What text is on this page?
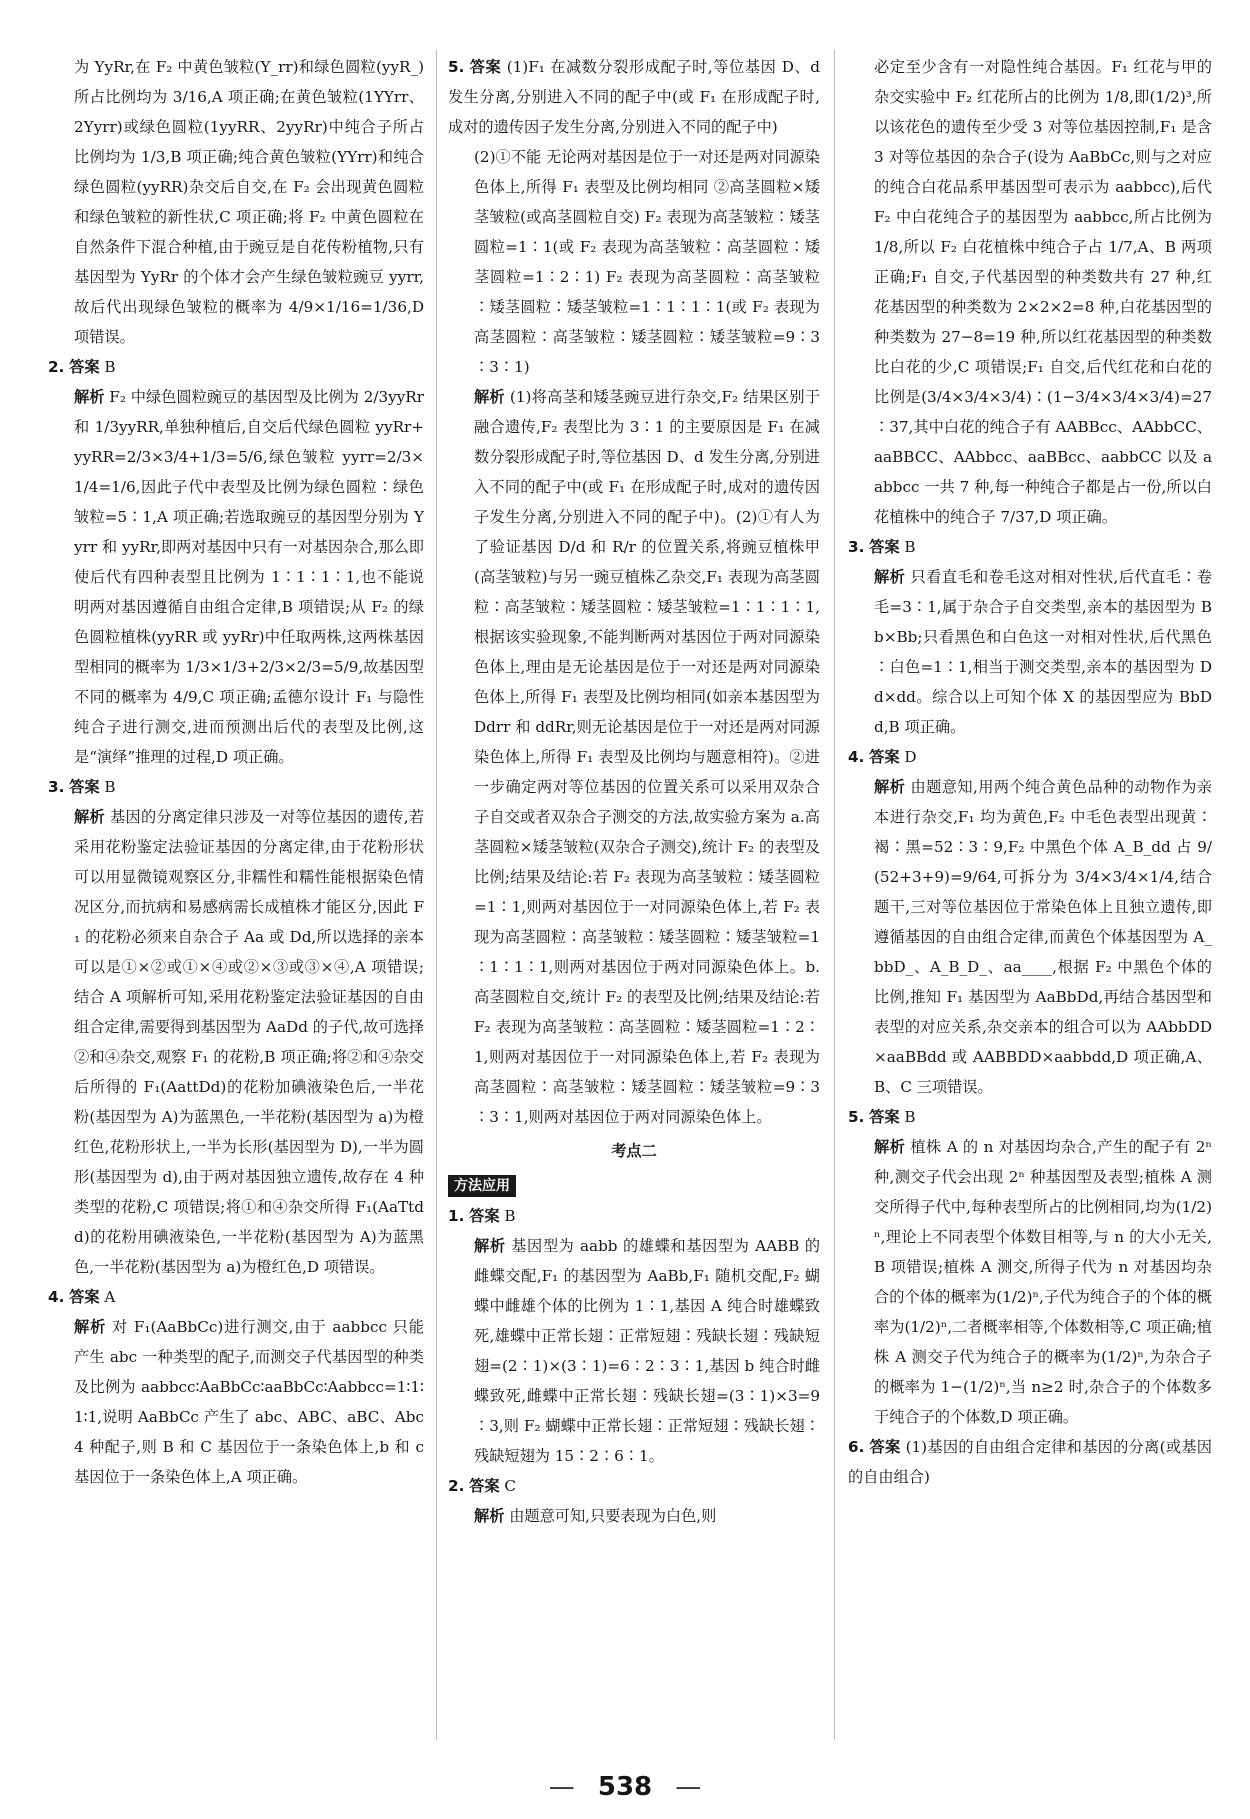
为 YyRr,在 F₂ 中黄色皱粒(Y_rr)和绿色圆粒(yyR_)所占比例均为 3/16,A 项正确;在黄色皱粒(1YYrr、2Yyrr)或绿色圆粒(1yyRR、2yyRr)中纯合子所占比例均为 1/3,B 项正确;纯合黄色皱粒(YYrr)和纯合绿色圆粒(yyRR)杂交后自交,在 F₂ 会出现黄色圆粒和绿色皱粒的新性状,C 项正确;将 F₂ 中黄色圆粒在自然条件下混合种植,由于豌豆是自花传粉植物,只有基因型为 YyRr 的个体才会产生绿色皱粒豌豆 yyrr,故后代出现绿色皱粒的概率为 4/9×1/16=1/36,D 项错误。

2. 答案 B

解析 F₂ 中绿色圆粒豌豆的基因型及比例为 2/3yyRr 和 1/3yyRR,单独种植后,自交后代绿色圆粒 yyRr+yyRR=2/3×3/4+1/3=5/6,绿色皱粒 yyrr=2/3×1/4=1/6,因此子代中表型及比例为绿色圆粒∶绿色皱粒=5∶1,A 项正确;若选取豌豆的基因型分别为 Yyrr 和 yyRr,即两对基因中只有一对基因杂合,那么即使后代有四种表型且比例为 1∶1∶1∶1,也不能说明两对基因遵循自由组合定律,B 项错误;从 F₂ 的绿色圆粒植株(yyRR 或 yyRr)中任取两株,这两株基因型相同的概率为 1/3×1/3+2/3×2/3=5/9,故基因型不同的概率为 4/9,C 项正确;孟德尔设计 F₁ 与隐性纯合子进行测交,进而预测出后代的表型及比例,这是“演绎”推理的过程,D 项正确。

3. 答案 B

解析 基因的分离定律只涉及一对等位基因的遗传,若采用花粉鉴定法验证基因的分离定律,由于花粉形状可以用显微镜观察区分,非糯性和糯性能根据染色情况区分,而抗病和易感病需长成植株才能区分,因此 F₁ 的花粉必须来自杂合子 Aa 或 Dd,所以选择的亲本可以是①×②或①×④或②×③或③×④,A 项错误;结合 A 项解析可知,采用花粉鉴定法验证基因的自由组合定律,需要得到基因型为 AaDd 的子代,故可选择②和④杂交,观察 F₁ 的花粉,B 项正确;将②和④杂交后所得的 F₁(AattDd)的花粉加碘液染色后,一半花粉(基因型为 A)为蓝黑色,一半花粉(基因型为 a)为橙红色,花粉形状上,一半为长形(基因型为 D),一半为圆形(基因型为 d),由于两对基因独立遗传,故存在 4 种类型的花粉,C 项错误;将①和④杂交所得 F₁(AaTtdd)的花粉用碘液染色,一半花粉(基因型为 A)为蓝黑色,一半花粉(基因型为 a)为橙红色,D 项错误。

4. 答案 A

解析 对 F₁(AaBbCc)进行测交,由于 aabbcc 只能产生 abc 一种类型的配子,而测交子代基因型的种类及比例为 aabbcc∶AaBbCc∶aaBbCc∶Aabbcc=1∶1∶1∶1,说明 AaBbCc 产生了 abc、ABC、aBC、Abc 4 种配子,则 B 和 C 基因位于一条染色体上,b 和 c 基因位于一条染色体上,A 项正确。

5. 答案 (1)F₁ 在减数分裂形成配子时,等位基因 D、d 发生分离,分别进入不同的配子中(或 F₁ 在形成配子时,成对的遗传因子发生分离,分别进入不同的配子中)

(2)①不能 无论两对基因是位于一对还是两对同源染色体上,所得 F₁ 表型及比例均相同 ②高茎圆粒×矮茎皱粒(或高茎圆粒自交) F₂ 表现为高茎皱粒∶矮茎圆粒=1∶1(或 F₂ 表现为高茎皱粒∶高茎圆粒∶矮茎圆粒=1∶2∶1) F₂ 表现为高茎圆粒∶高茎皱粒∶矮茎圆粒∶矮茎皱粒=1∶1∶1∶1(或 F₂ 表现为高茎圆粒∶高茎皱粒∶矮茎圆粒∶矮茎皱粒=9∶3∶3∶1)

解析 (1)将高茎和矮茎豌豆进行杂交,F₂ 结果区别于融合遗传,F₂ 表型比为 3∶1 的主要原因是 F₁ 在减数分裂形成配子时,等位基因 D、d 发生分离,分别进入不同的配子中(或 F₁ 在形成配子时,成对的遗传因子发生分离,分别进入不同的配子中)。(2)①有人为了验证基因 D/d 和 R/r 的位置关系,将豌豆植株甲(高茎皱粒)与另一豌豆植株乙杂交,F₁ 表现为高茎圆粒∶高茎皱粒∶矮茎圆粒∶矮茎皱粒=1∶1∶1∶1,根据该实验现象,不能判断两对基因位于两对同源染色体上,理由是无论基因是位于一对还是两对同源染色体上,所得 F₁ 表型及比例均相同(如亲本基因型为 Ddrr 和 ddRr,则无论基因是位于一对还是两对同源染色体上,所得 F₁ 表型及比例均与题意相符)。②进一步确定两对等位基因的位置关系可以采用双杂合子自交或者双杂合子测交的方法,故实验方案为 a.高茎圆粒×矮茎皱粒(双杂合子测交),统计 F₂ 的表型及比例;结果及结论:若 F₂ 表现为高茎皱粒∶矮茎圆粒=1∶1,则两对基因位于一对同源染色体上,若 F₂ 表现为高茎圆粒∶高茎皱粒∶矮茎圆粒∶矮茎皱粒=1∶1∶1∶1,则两对基因位于两对同源染色体上。b.高茎圆粒自交,统计 F₂ 的表型及比例;结果及结论:若 F₂ 表现为高茎皱粒∶高茎圆粒∶矮茎圆粒=1∶2∶1,则两对基因位于一对同源染色体上,若 F₂ 表现为高茎圆粒∶高茎皱粒∶矮茎圆粒∶矮茎皱粒=9∶3∶3∶1,则两对基因位于两对同源染色体上。

考点二
方法应用

1. 答案 B

解析 基因型为 aabb 的雄蝶和基因型为 AABB 的雌蝶交配,F₁ 的基因型为 AaBb,F₁ 随机交配,F₂ 蝴蝶中雌雄个体的比例为 1∶1,基因 A 纯合时雄蝶致死,雄蝶中正常长翅∶正常短翅∶残缺长翅∶残缺短翅=(2∶1)×(3∶1)=6∶2∶3∶1,基因 b 纯合时雌蝶致死,雌蝶中正常长翅∶残缺长翅=(3∶1)×3=9∶3,则 F₂ 蝴蝶中正常长翅∶正常短翅∶残缺长翅∶残缺短翅为 15∶2∶6∶1。

2. 答案 C

解析 由题意可知,只要表现为白色,则

必定至少含有一对隐性纯合基因。F₁ 红花与甲的杂交实验中 F₂ 红花所占的比例为 1/8,即(1/2)³,所以该花色的遗传至少受 3 对等位基因控制,F₁ 是含 3 对等位基因的杂合子(设为 AaBbCc,则与之对应的纯合白花品系甲基因型可表示为 aabbcc),后代 F₂ 中白花纯合子的基因型为 aabbcc,所占比例为 1/8,所以 F₂ 白花植株中纯合子占 1/7,A、B 两项正确;F₁ 自交,子代基因型的种类数共有 27 种,红花基因型的种类数为 2×2×2=8 种,白花基因型的种类数为 27−8=19 种,所以红花基因型的种类数比白花的少,C 项错误;F₁ 自交,后代红花和白花的比例是(3/4×3/4×3/4)∶(1−3/4×3/4×3/4)=27∶37,其中白花的纯合子有 AABBcc、AAbbCC、aaBBCC、AAbbcc、aaBBcc、aabbCC 以及 aabbcc 一共 7 种,每一种纯合子都是占一份,所以白花植株中的纯合子 7/37,D 项正确。

3. 答案 B

解析 只看直毛和卷毛这对相对性状,后代直毛∶卷毛=3∶1,属于杂合子自交类型,亲本的基因型为 Bb×Bb;只看黑色和白色这一对相对性状,后代黑色∶白色=1∶1,相当于测交类型,亲本的基因型为 Dd×dd。综合以上可知个体 X 的基因型应为 BbDd,B 项正确。

4. 答案 D

解析 由题意知,用两个纯合黄色品种的动物作为亲本进行杂交,F₁ 均为黄色,F₂ 中毛色表型出现黄∶褐∶黑=52∶3∶9,F₂ 中黑色个体 A_B_dd 占 9/(52+3+9)=9/64,可拆分为 3/4×3/4×1/4,结合题干,三对等位基因位于常染色体上且独立遗传,即遵循基因的自由组合定律,而黄色个体基因型为 A_bbD_、A_B_D_、aa____,根据 F₂ 中黑色个体的比例,推知 F₁ 基因型为 AaBbDd,再结合基因型和表型的对应关系,杂交亲本的组合可以为 AAbbDD×aaBBdd 或 AABBDD×aabbdd,D 项正确,A、B、C 三项错误。

5. 答案 B

解析 植株 A 的 n 对基因均杂合,产生的配子有 2ⁿ 种,测交子代会出现 2ⁿ 种基因型及表型;植株 A 测交所得子代中,每种表型所占的比例相同,均为(1/2)ⁿ,理论上不同表型个体数目相等,与 n 的大小无关,B 项错误;植株 A 测交,所得子代为 n 对基因均杂合的个体的概率为(1/2)ⁿ,子代为纯合子的个体的概率为(1/2)ⁿ,二者概率相等,个体数相等,C 项正确;植株 A 测交子代为纯合子的概率为(1/2)ⁿ,为杂合子的概率为 1−(1/2)ⁿ,当 n≥2 时,杂合子的个体数多于纯合子的个体数,D 项正确。

6. 答案 (1)基因的自由组合定律和基因的分离(或基因的自由组合)

— 538 —
